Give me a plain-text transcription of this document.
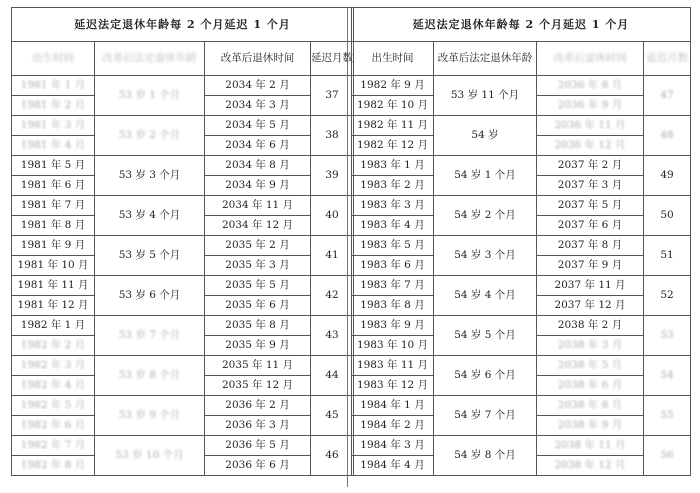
延迟法定退休年龄每 2 个月延迟 1 个月			
出生时间	改革后法定退休年龄	改革后退休时间	延迟月数
1981 年 1 月	53 岁 1 个月	2034 年 2 月	37
1981 年 2 月		2034 年 3 月	
1981 年 3 月	53 岁 2 个月	2034 年 5 月	38
1981 年 4 月		2034 年 6 月	
1981 年 5 月	53 岁 3 个月	2034 年 8 月	39
1981 年 6 月		2034 年 9 月	
1981 年 7 月	53 岁 4 个月	2034 年 11 月	40
1981 年 8 月		2034 年 12 月	
1981 年 9 月	53 岁 5 个月	2035 年 2 月	41
1981 年 10 月		2035 年 3 月	
1981 年 11 月	53 岁 6 个月	2035 年 5 月	42
1981 年 12 月		2035 年 6 月	
1982 年 1 月	53 岁 7 个月	2035 年 8 月	43
1982 年 2 月		2035 年 9 月	
1982 年 3 月	53 岁 8 个月	2035 年 11 月	44
1982 年 4 月		2035 年 12 月	
1982 年 5 月	53 岁 9 个月	2036 年 2 月	45
1982 年 6 月		2036 年 3 月	
1982 年 7 月	53 岁 10 个月	2036 年 5 月	46
1982 年 8 月		2036 年 6 月	
延迟法定退休年龄每 2 个月延迟 1 个月			
出生时间	改革后法定退休年龄	改革后退休时间	延迟月数
1982 年 9 月	53 岁 11 个月	2036 年 8 月	47
1982 年 10 月		2036 年 9 月	
1982 年 11 月	54 岁	2036 年 11 月	48
1982 年 12 月		2036 年 12 月	
1983 年 1 月	54 岁 1 个月	2037 年 2 月	49
1983 年 2 月		2037 年 3 月	
1983 年 3 月	54 岁 2 个月	2037 年 5 月	50
1983 年 4 月		2037 年 6 月	
1983 年 5 月	54 岁 3 个月	2037 年 8 月	51
1983 年 6 月		2037 年 9 月	
1983 年 7 月	54 岁 4 个月	2037 年 11 月	52
1983 年 8 月		2037 年 12 月	
1983 年 9 月	54 岁 5 个月	2038 年 2 月	53
1983 年 10 月		2038 年 3 月	
1983 年 11 月	54 岁 6 个月	2038 年 5 月	54
1983 年 12 月		2038 年 6 月	
1984 年 1 月	54 岁 7 个月	2038 年 8 月	55
1984 年 2 月		2038 年 9 月	
1984 年 3 月	54 岁 8 个月	2038 年 11 月	56
1984 年 4 月		2038 年 12 月	
